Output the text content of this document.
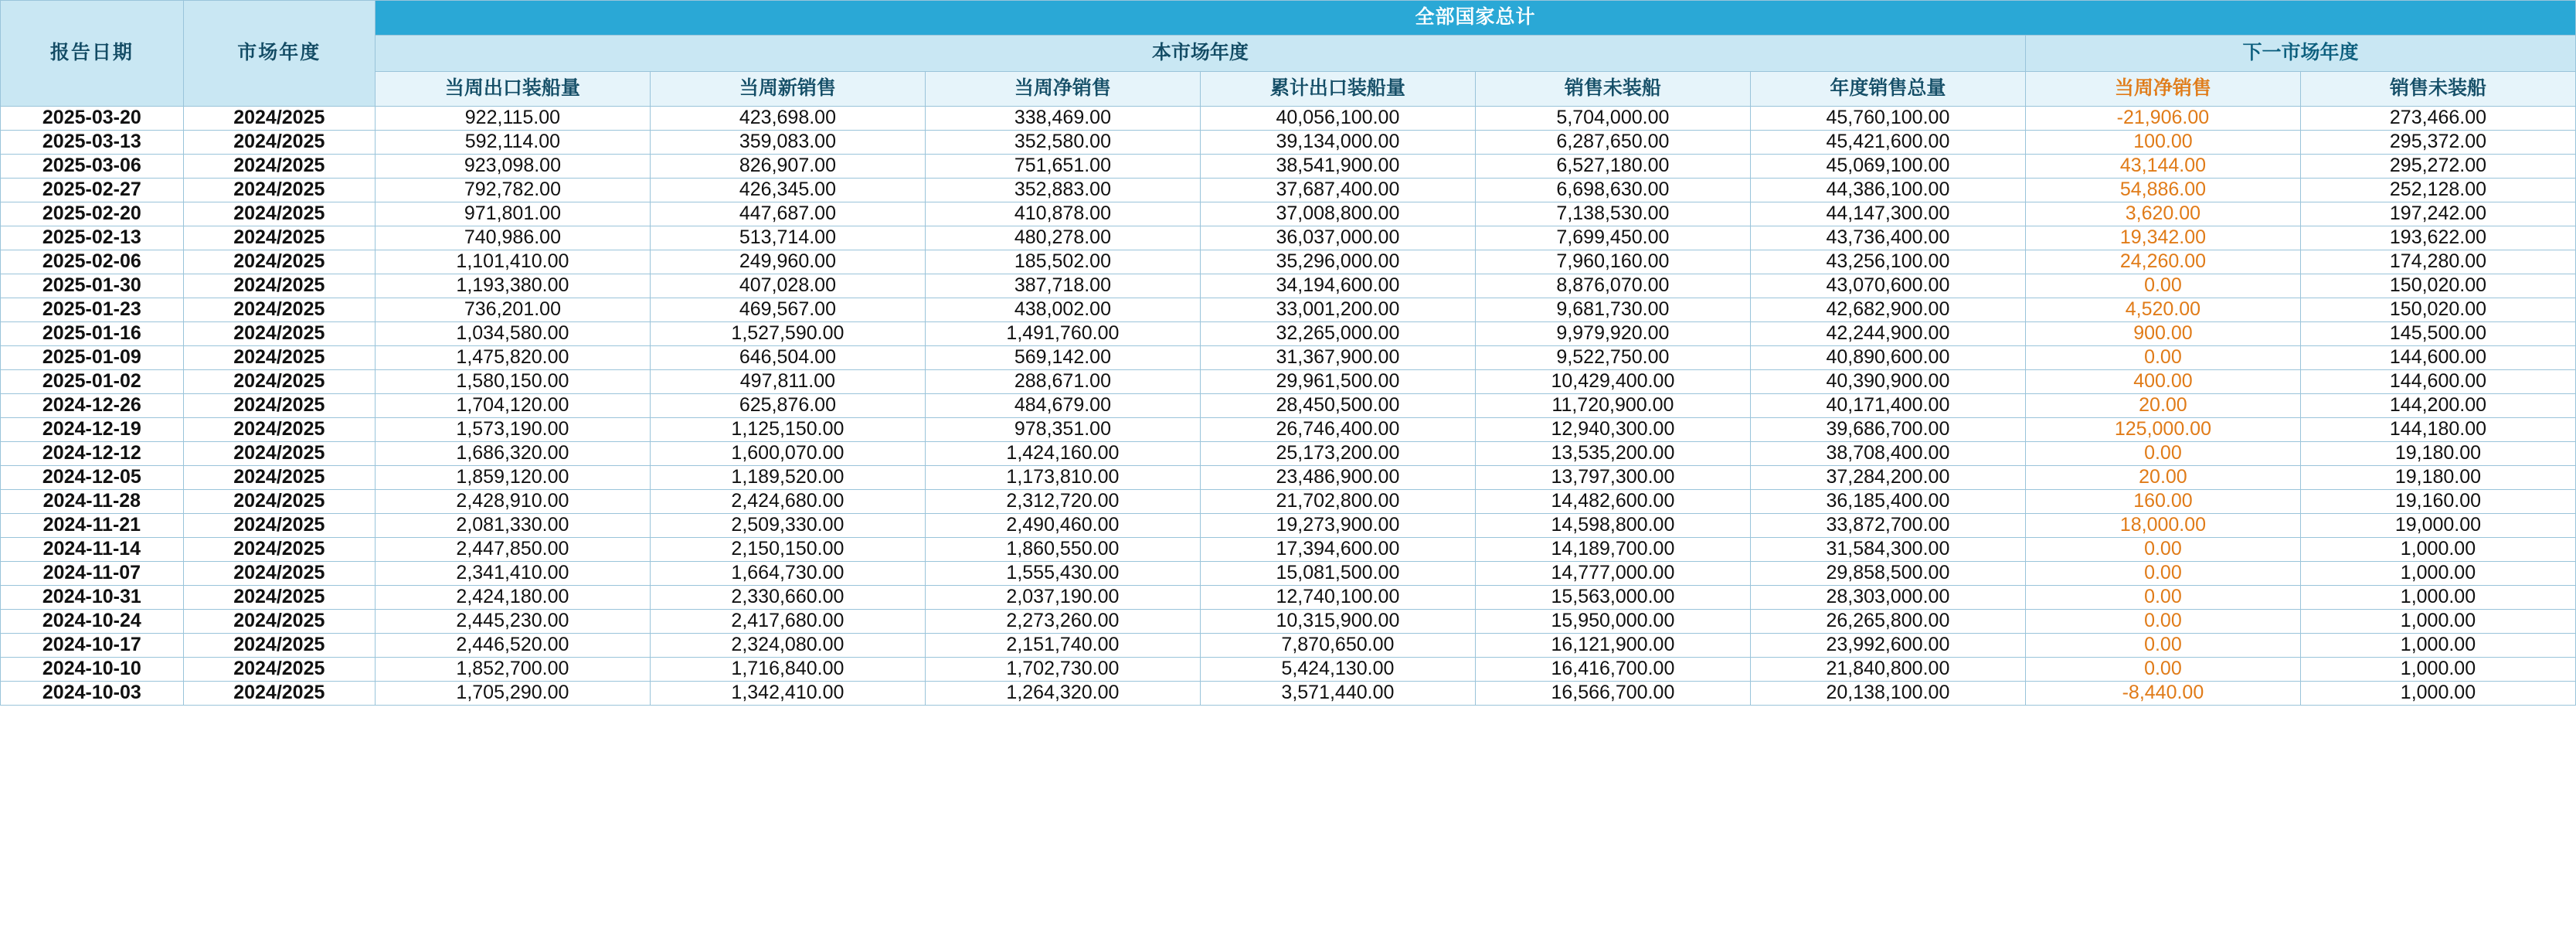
报告日期	市场年度	全部国家总计							
		本市场年度						下一市场年度	
		当周出口装船量	当周新销售	当周净销售	累计出口装船量	销售未装船	年度销售总量	当周净销售	销售未装船
2025-03-20	2024/2025	922,115.00	423,698.00	338,469.00	40,056,100.00	5,704,000.00	45,760,100.00	-21,906.00	273,466.00
2025-03-13	2024/2025	592,114.00	359,083.00	352,580.00	39,134,000.00	6,287,650.00	45,421,600.00	100.00	295,372.00
2025-03-06	2024/2025	923,098.00	826,907.00	751,651.00	38,541,900.00	6,527,180.00	45,069,100.00	43,144.00	295,272.00
2025-02-27	2024/2025	792,782.00	426,345.00	352,883.00	37,687,400.00	6,698,630.00	44,386,100.00	54,886.00	252,128.00
2025-02-20	2024/2025	971,801.00	447,687.00	410,878.00	37,008,800.00	7,138,530.00	44,147,300.00	3,620.00	197,242.00
2025-02-13	2024/2025	740,986.00	513,714.00	480,278.00	36,037,000.00	7,699,450.00	43,736,400.00	19,342.00	193,622.00
2025-02-06	2024/2025	1,101,410.00	249,960.00	185,502.00	35,296,000.00	7,960,160.00	43,256,100.00	24,260.00	174,280.00
2025-01-30	2024/2025	1,193,380.00	407,028.00	387,718.00	34,194,600.00	8,876,070.00	43,070,600.00	0.00	150,020.00
2025-01-23	2024/2025	736,201.00	469,567.00	438,002.00	33,001,200.00	9,681,730.00	42,682,900.00	4,520.00	150,020.00
2025-01-16	2024/2025	1,034,580.00	1,527,590.00	1,491,760.00	32,265,000.00	9,979,920.00	42,244,900.00	900.00	145,500.00
2025-01-09	2024/2025	1,475,820.00	646,504.00	569,142.00	31,367,900.00	9,522,750.00	40,890,600.00	0.00	144,600.00
2025-01-02	2024/2025	1,580,150.00	497,811.00	288,671.00	29,961,500.00	10,429,400.00	40,390,900.00	400.00	144,600.00
2024-12-26	2024/2025	1,704,120.00	625,876.00	484,679.00	28,450,500.00	11,720,900.00	40,171,400.00	20.00	144,200.00
2024-12-19	2024/2025	1,573,190.00	1,125,150.00	978,351.00	26,746,400.00	12,940,300.00	39,686,700.00	125,000.00	144,180.00
2024-12-12	2024/2025	1,686,320.00	1,600,070.00	1,424,160.00	25,173,200.00	13,535,200.00	38,708,400.00	0.00	19,180.00
2024-12-05	2024/2025	1,859,120.00	1,189,520.00	1,173,810.00	23,486,900.00	13,797,300.00	37,284,200.00	20.00	19,180.00
2024-11-28	2024/2025	2,428,910.00	2,424,680.00	2,312,720.00	21,702,800.00	14,482,600.00	36,185,400.00	160.00	19,160.00
2024-11-21	2024/2025	2,081,330.00	2,509,330.00	2,490,460.00	19,273,900.00	14,598,800.00	33,872,700.00	18,000.00	19,000.00
2024-11-14	2024/2025	2,447,850.00	2,150,150.00	1,860,550.00	17,394,600.00	14,189,700.00	31,584,300.00	0.00	1,000.00
2024-11-07	2024/2025	2,341,410.00	1,664,730.00	1,555,430.00	15,081,500.00	14,777,000.00	29,858,500.00	0.00	1,000.00
2024-10-31	2024/2025	2,424,180.00	2,330,660.00	2,037,190.00	12,740,100.00	15,563,000.00	28,303,000.00	0.00	1,000.00
2024-10-24	2024/2025	2,445,230.00	2,417,680.00	2,273,260.00	10,315,900.00	15,950,000.00	26,265,800.00	0.00	1,000.00
2024-10-17	2024/2025	2,446,520.00	2,324,080.00	2,151,740.00	7,870,650.00	16,121,900.00	23,992,600.00	0.00	1,000.00
2024-10-10	2024/2025	1,852,700.00	1,716,840.00	1,702,730.00	5,424,130.00	16,416,700.00	21,840,800.00	0.00	1,000.00
2024-10-03	2024/2025	1,705,290.00	1,342,410.00	1,264,320.00	3,571,440.00	16,566,700.00	20,138,100.00	-8,440.00	1,000.00
